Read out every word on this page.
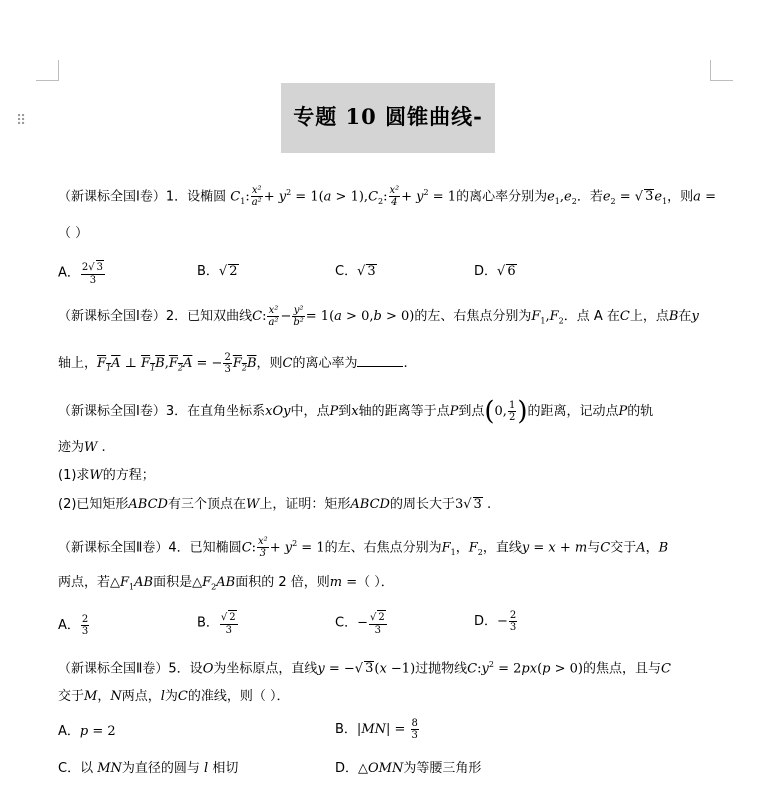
⠿	专题 10 圆锥曲线-
（新课标全国Ⅰ卷）1．设椭圆 $C_1$: $\frac{\text{x²}}{\text{a²}} + y^2 = 1(a > 1),C_2$: $\frac{\text{x²}}{4} + y^2 = 1$的离心率分别为$e_1,e_2$．若$e_2$ = √ $3e_1$，则a =
（ ）
A． $\frac{2√ 3}{3}$	B．√ 2	C．√ 3	D．√ 6
（新课标全国Ⅰ卷）2．已知双曲线C: $\frac{\text{x²}}{\text{a²}} - \frac{\text{y²}}{\text{b²}} = 1(a > 0,b > 0)$的左、右焦点分别为$F_1,F_2$．点 A 在C上，点B在y
轴上，$F_1A$ ⊥ $F_1B,F_2A$ = − $\frac{2}{3} F_2B$，则C的离心率为	.
（新课标全国Ⅰ卷）3．在直角坐标系xOy中，点P到x轴的距离等于点P到点(0, $\frac{1}{2}$ )的距离，记动点P的轨
迹为W .
(1)求W的方程；
(2)已知矩形ABCD有三个顶点在W上，证明：矩形ABCD的周长大于3√ 3 .
（新课标全国Ⅱ卷）4．已知椭圆C: $\frac{\text{x²}}{3} + y^2 = 1$的左、右焦点分别为$F_1$，$F_2$，直线y = x + m与C交于A，B
两点，若$\triangle F_1AB$面积是$\triangle F_2AB$面积的 2 倍，则m =（ ）．
A． $\frac{2}{3}$	B． $\frac{√ 2}{3}$	C．− $\frac{√ 2}{3}$	D．− $\frac{2}{3}$
（新课标全国Ⅱ卷）5．设O为坐标原点，直线y = −√ 3(x −1)过抛物线$C:y^2 = 2px(p > 0)$的焦点，且与C
交于M，N两点，l为C的准线，则（ ）．
A．p = 2	B．$|MN| = \frac{8}{3}$
C．以 MN为直径的圆与 l 相切	D．△OMN为等腰三角形
